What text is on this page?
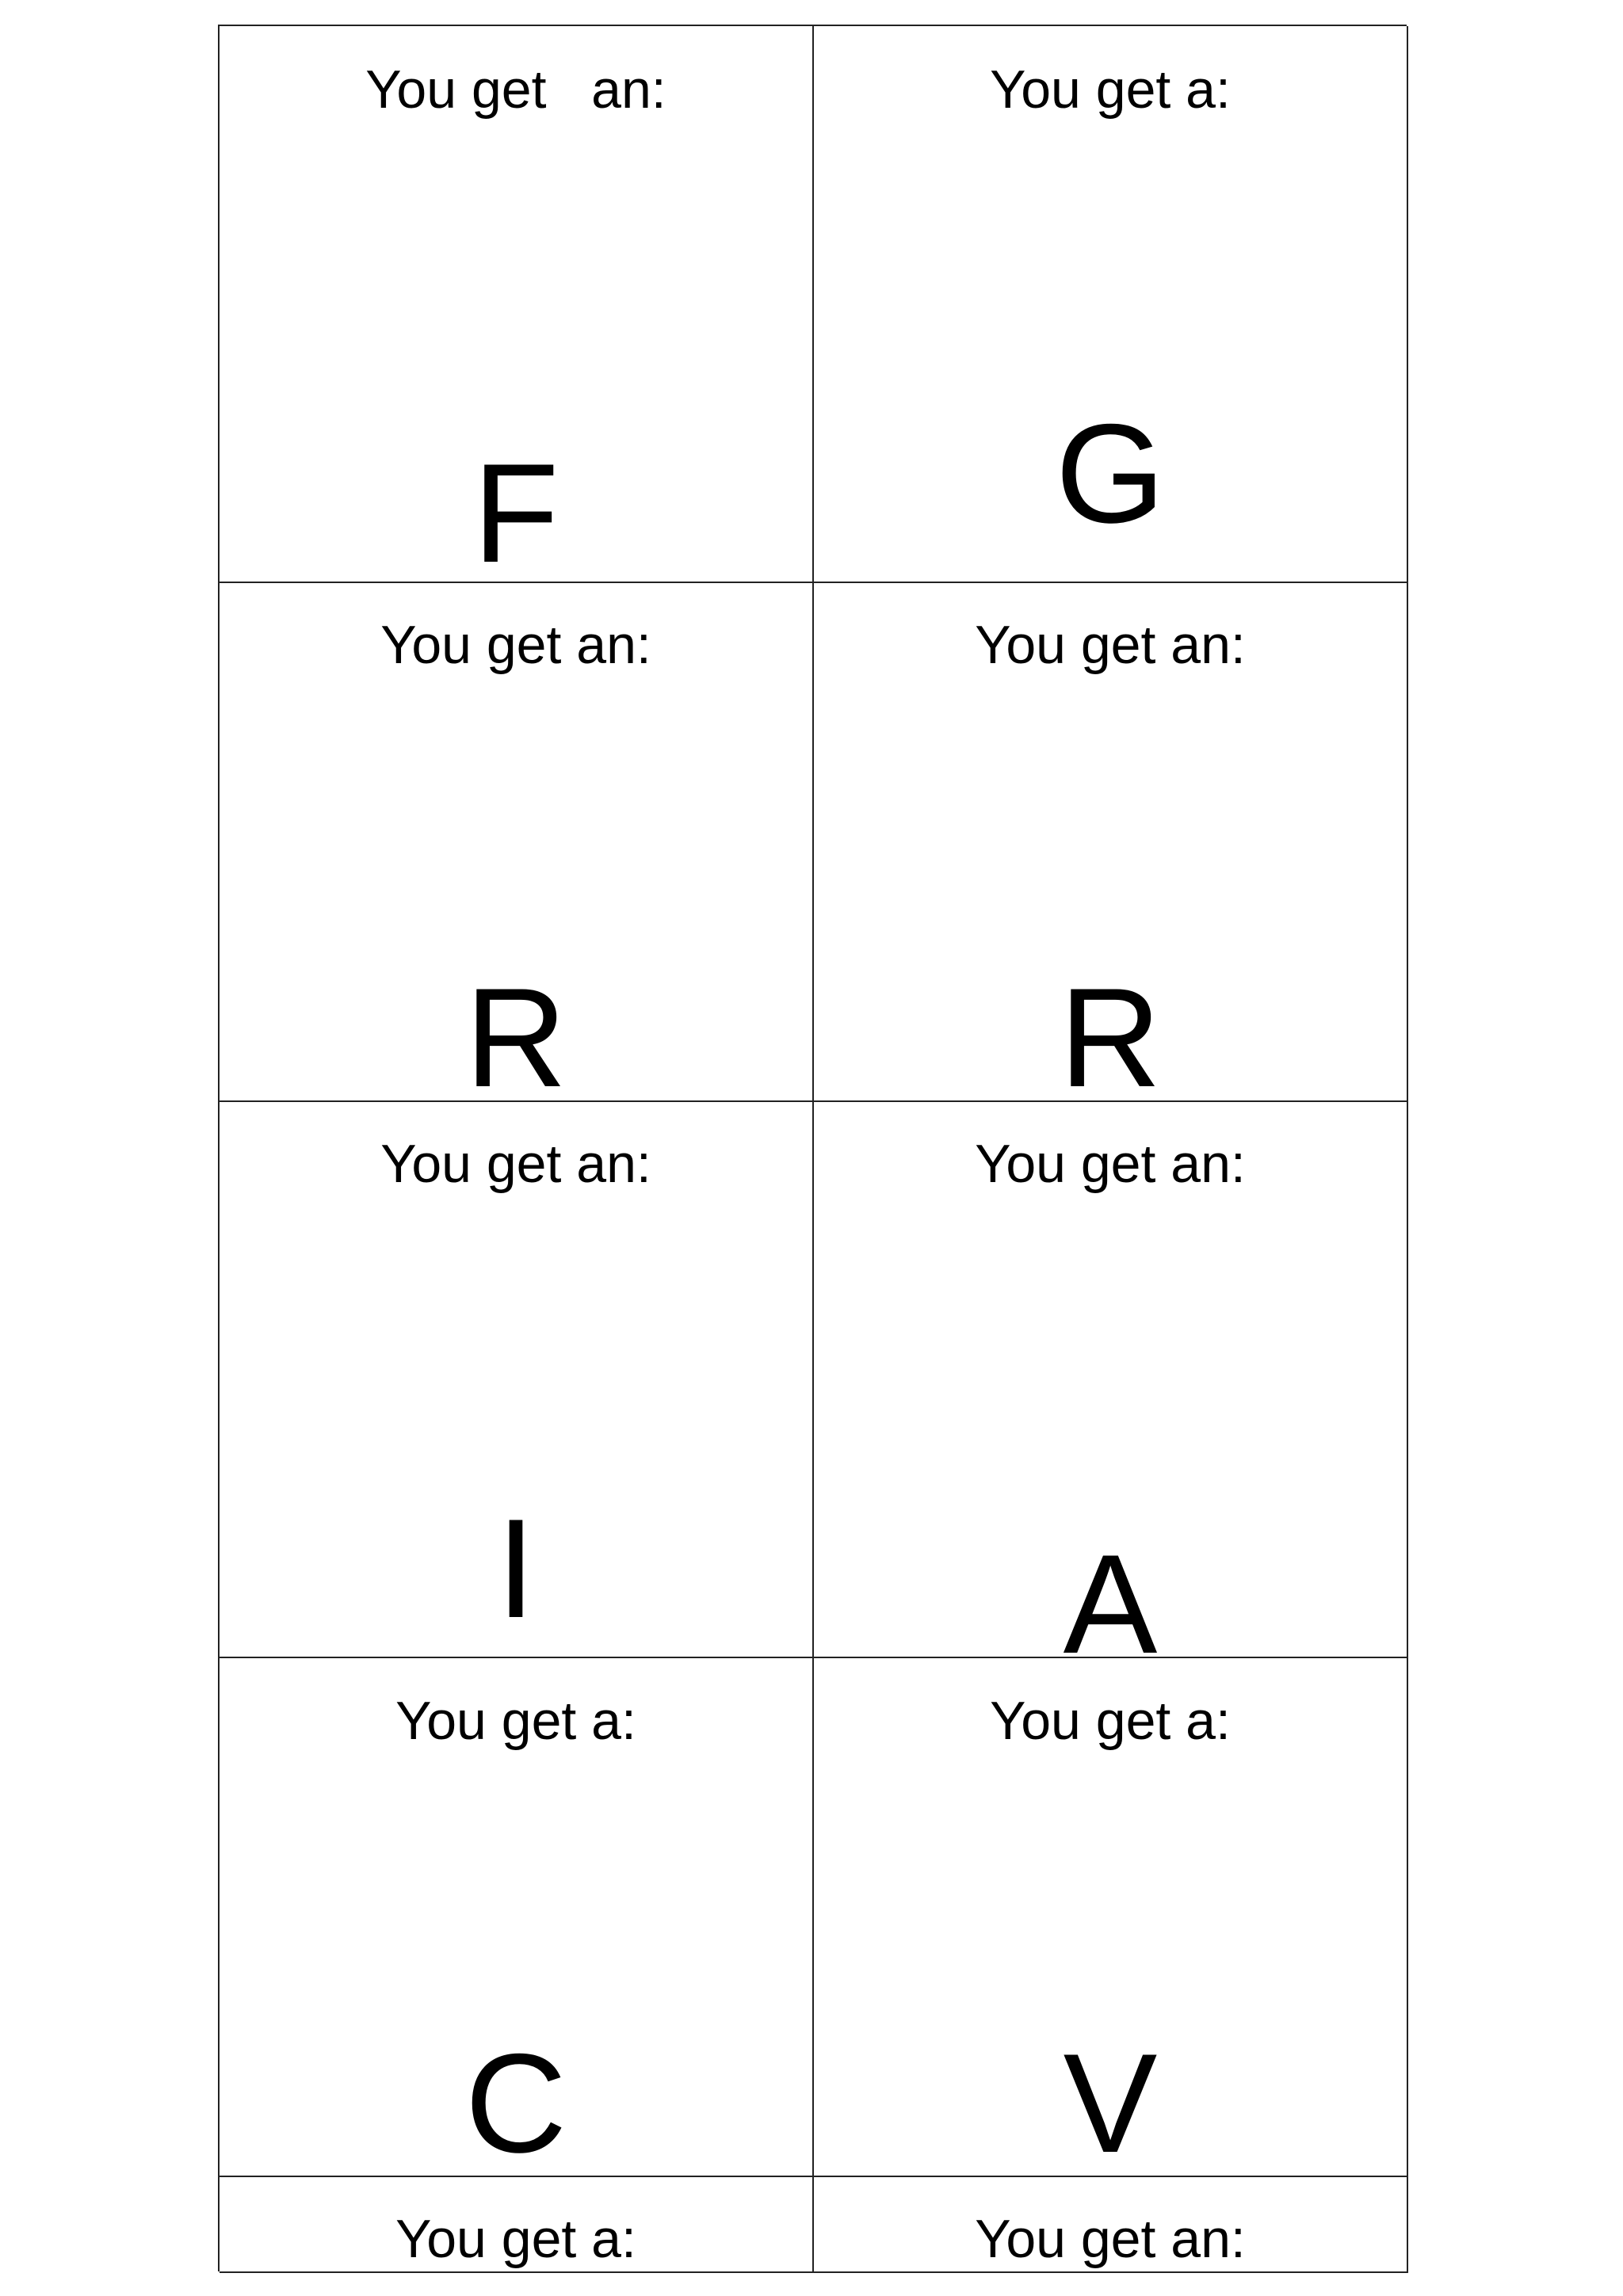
You get   an:
F
You get a:
G
You get an:
R
You get an:
R
You get an:
I
You get an:
A
You get a:
C
You get a:
V
You get a:	You get an:
